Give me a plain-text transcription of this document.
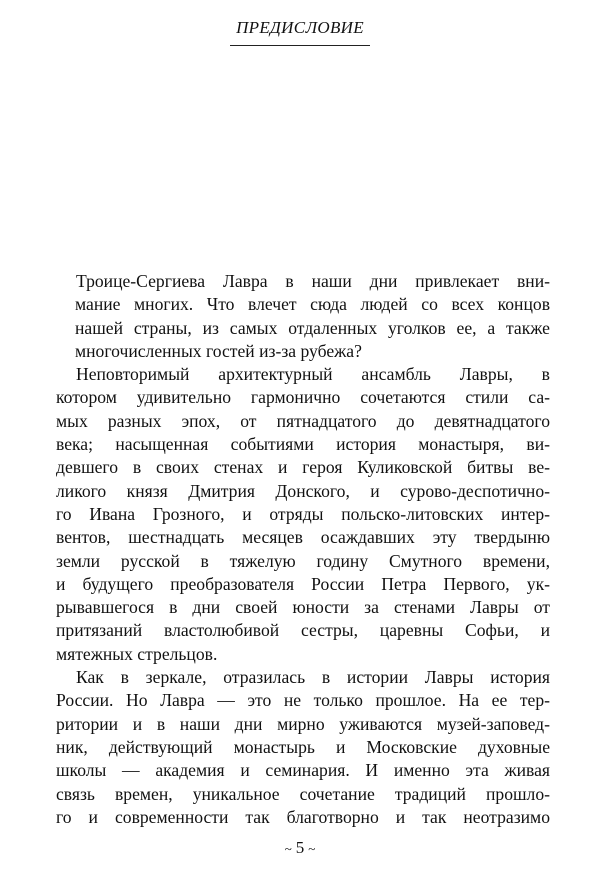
ПРЕДИСЛОВИЕ
Троице-Сергиева Лавра в наши дни привлекает вни-
мание многих. Что влечет сюда людей со всех концов
нашей страны, из самых отдаленных уголков ее, а также
многочисленных гостей из-за рубежа?
Неповторимый архитектурный ансамбль Лавры, в
котором удивительно гармонично сочетаются стили са-
мых разных эпох, от пятнадцатого до девятнадцатого
века; насыщенная событиями история монастыря, ви-
девшего в своих стенах и героя Куликовской битвы ве-
ликого князя Дмитрия Донского, и сурово-деспотично-
го Ивана Грозного, и отряды польско-литовских интер-
вентов, шестнадцать месяцев осаждавших эту твердыню
земли русской в тяжелую годину Смутного времени,
и будущего преобразователя России Петра Первого, ук-
рывавшегося в дни своей юности за стенами Лавры от
притязаний властолюбивой сестры, царевны Софьи, и
мятежных стрельцов.
Как в зеркале, отразилась в истории Лавры история
России. Но Лавра — это не только прошлое. На ее тер-
ритории и в наши дни мирно уживаются музей-заповед-
ник, действующий монастырь и Московские духовные
школы — академия и семинария. И именно эта живая
связь времен, уникальное сочетание традиций прошло-
го и современности так благотворно и так неотразимо
~ 5 ~
